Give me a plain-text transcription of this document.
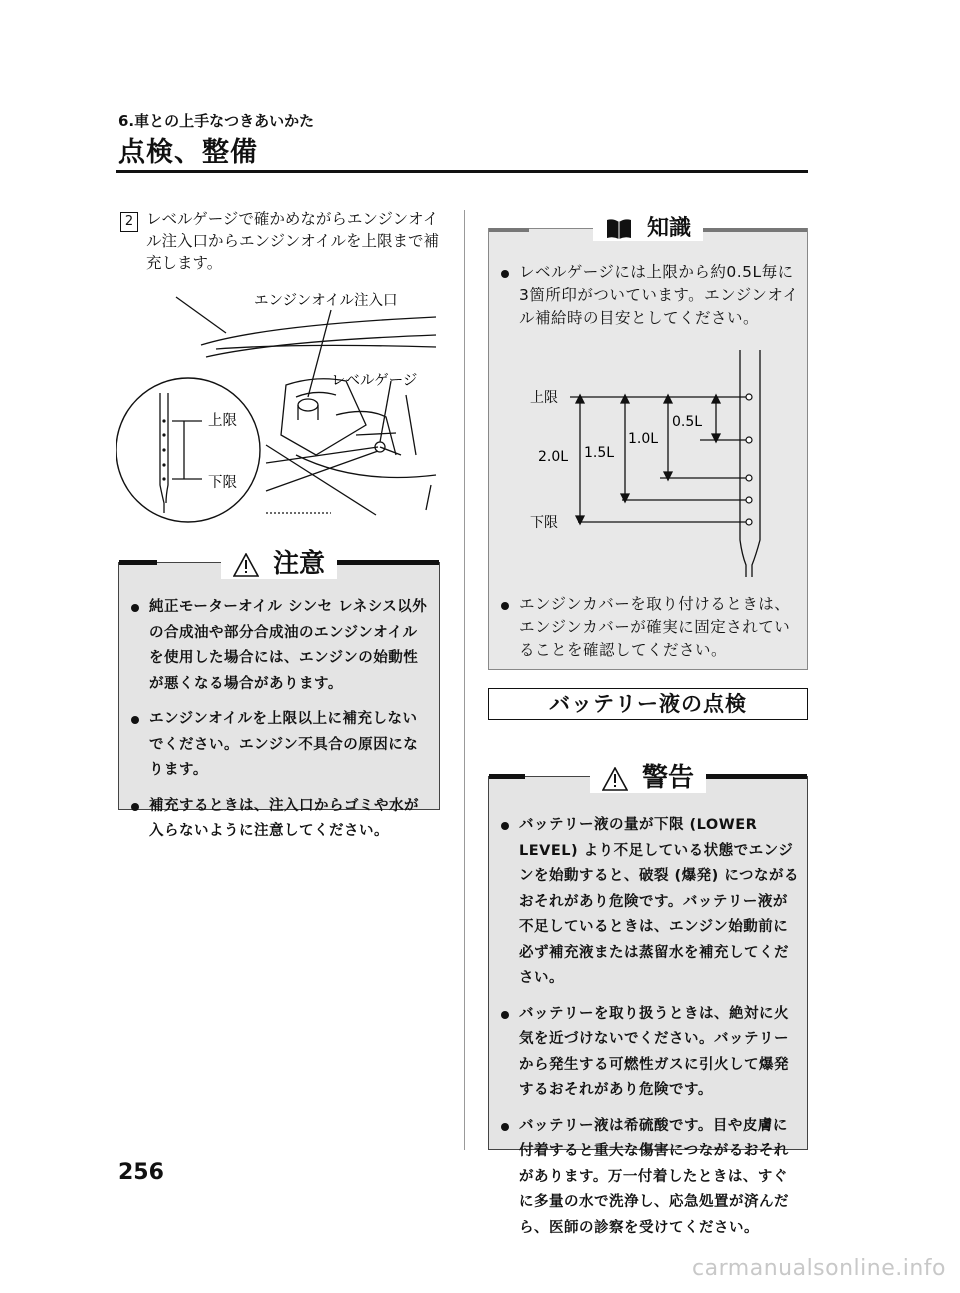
6.車との上手なつきあいかた
点検、整備
2 レベルゲージで確かめながらエンジンオイル注入口からエンジンオイルを上限まで補充します。
エンジンオイル注入口
レベルゲージ
上限
下限
注意
純正モーターオイル シンセ レネシス以外の合成油や部分合成油のエンジンオイルを使用した場合には、エンジンの始動性が悪くなる場合があります。
エンジンオイルを上限以上に補充しないでください。エンジン不具合の原因になります。
補充するときは、注入口からゴミや水が入らないように注意してください。
知識
レベルゲージには上限から約0.5L毎に3箇所印がついています。エンジンオイル補給時の目安としてください。
エンジンカバーを取り付けるときは、エンジンカバーが確実に固定されていることを確認してください。
上限
下限
2.0L 1.5L
1.0L
0.5L
バッテリー液の点検
警告
バッテリー液の量が下限 (LOWER LEVEL) より不足している状態でエンジンを始動すると、破裂 (爆発) につながるおそれがあり危険です。バッテリー液が不足しているときは、エンジン始動前に必ず補充液または蒸留水を補充してください。
バッテリーを取り扱うときは、絶対に火気を近づけないでください。バッテリーから発生する可燃性ガスに引火して爆発するおそれがあり危険です。
バッテリー液は希硫酸です。目や皮膚に付着すると重大な傷害につながるおそれがあります。万一付着したときは、すぐに多量の水で洗浄し、応急処置が済んだら、医師の診察を受けてください。
256
carmanualsonline.info
